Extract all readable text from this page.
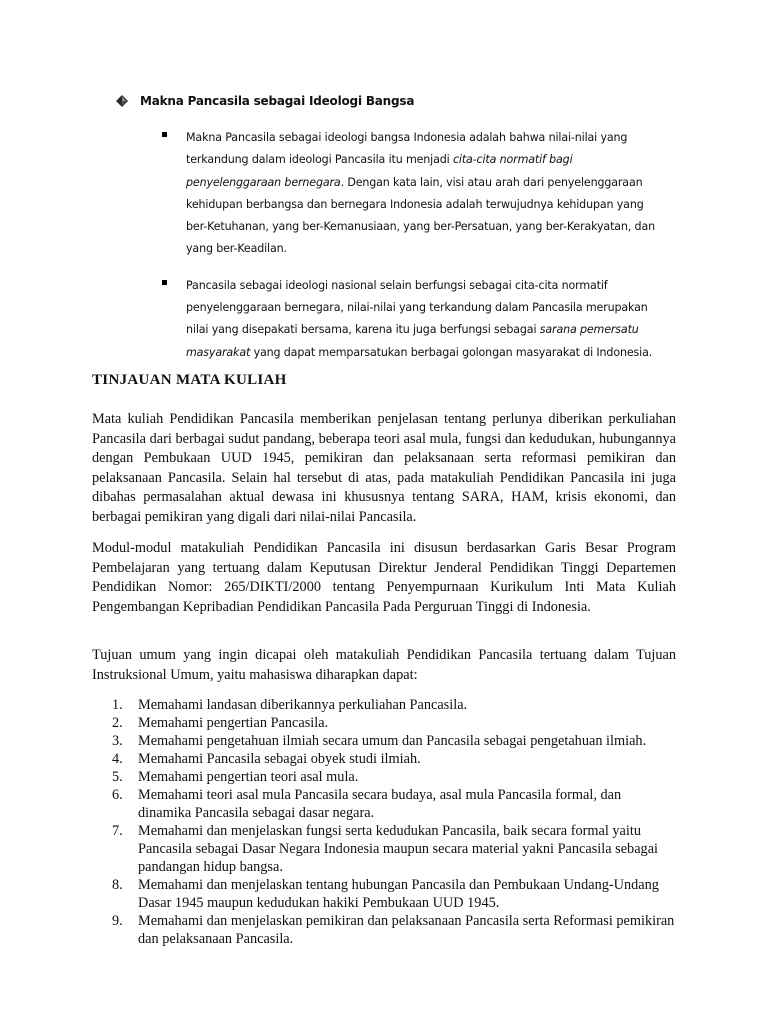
Makna Pancasila sebagai Ideologi Bangsa
Makna Pancasila sebagai ideologi bangsa Indonesia adalah bahwa nilai-nilai yang terkandung dalam ideologi Pancasila itu menjadi cita-cita normatif bagi penyelenggaraan bernegara. Dengan kata lain, visi atau arah dari penyelenggaraan kehidupan berbangsa dan bernegara Indonesia adalah terwujudnya kehidupan yang ber-Ketuhanan, yang ber-Kemanusiaan, yang ber-Persatuan, yang ber-Kerakyatan, dan yang ber-Keadilan.
Pancasila sebagai ideologi nasional selain berfungsi sebagai cita-cita normatif penyelenggaraan bernegara, nilai-nilai yang terkandung dalam Pancasila merupakan nilai yang disepakati bersama, karena itu juga berfungsi sebagai sarana pemersatu masyarakat yang dapat memparsatukan berbagai golongan masyarakat di Indonesia.
TINJAUAN MATA KULIAH
Mata kuliah Pendidikan Pancasila memberikan penjelasan tentang perlunya diberikan perkuliahan Pancasila dari berbagai sudut pandang, beberapa teori asal mula, fungsi dan kedudukan, hubungannya dengan Pembukaan UUD 1945, pemikiran dan pelaksanaan serta reformasi pemikiran dan pelaksanaan Pancasila. Selain hal tersebut di atas, pada matakuliah Pendidikan Pancasila ini juga dibahas permasalahan aktual dewasa ini khususnya tentang SARA, HAM, krisis ekonomi, dan berbagai pemikiran yang digali dari nilai-nilai Pancasila.
Modul-modul matakuliah Pendidikan Pancasila ini disusun berdasarkan Garis Besar Program Pembelajaran yang tertuang dalam Keputusan Direktur Jenderal Pendidikan Tinggi Departemen Pendidikan Nomor: 265/DIKTI/2000 tentang Penyempurnaan Kurikulum Inti Mata Kuliah Pengembangan Kepribadian Pendidikan Pancasila Pada Perguruan Tinggi di Indonesia.
Tujuan umum yang ingin dicapai oleh matakuliah Pendidikan Pancasila tertuang dalam Tujuan Instruksional Umum, yaitu mahasiswa diharapkan dapat:
1. Memahami landasan diberikannya perkuliahan Pancasila.
2. Memahami pengertian Pancasila.
3. Memahami pengetahuan ilmiah secara umum dan Pancasila sebagai pengetahuan ilmiah.
4. Memahami Pancasila sebagai obyek studi ilmiah.
5. Memahami pengertian teori asal mula.
6. Memahami teori asal mula Pancasila secara budaya, asal mula Pancasila formal, dan dinamika Pancasila sebagai dasar negara.
7. Memahami dan menjelaskan fungsi serta kedudukan Pancasila, baik secara formal yaitu Pancasila sebagai Dasar Negara Indonesia maupun secara material yakni Pancasila sebagai pandangan hidup bangsa.
8. Memahami dan menjelaskan tentang hubungan Pancasila dan Pembukaan Undang-Undang Dasar 1945 maupun kedudukan hakiki Pembukaan UUD 1945.
9. Memahami dan menjelaskan pemikiran dan pelaksanaan Pancasila serta Reformasi pemikiran dan pelaksanaan Pancasila.
